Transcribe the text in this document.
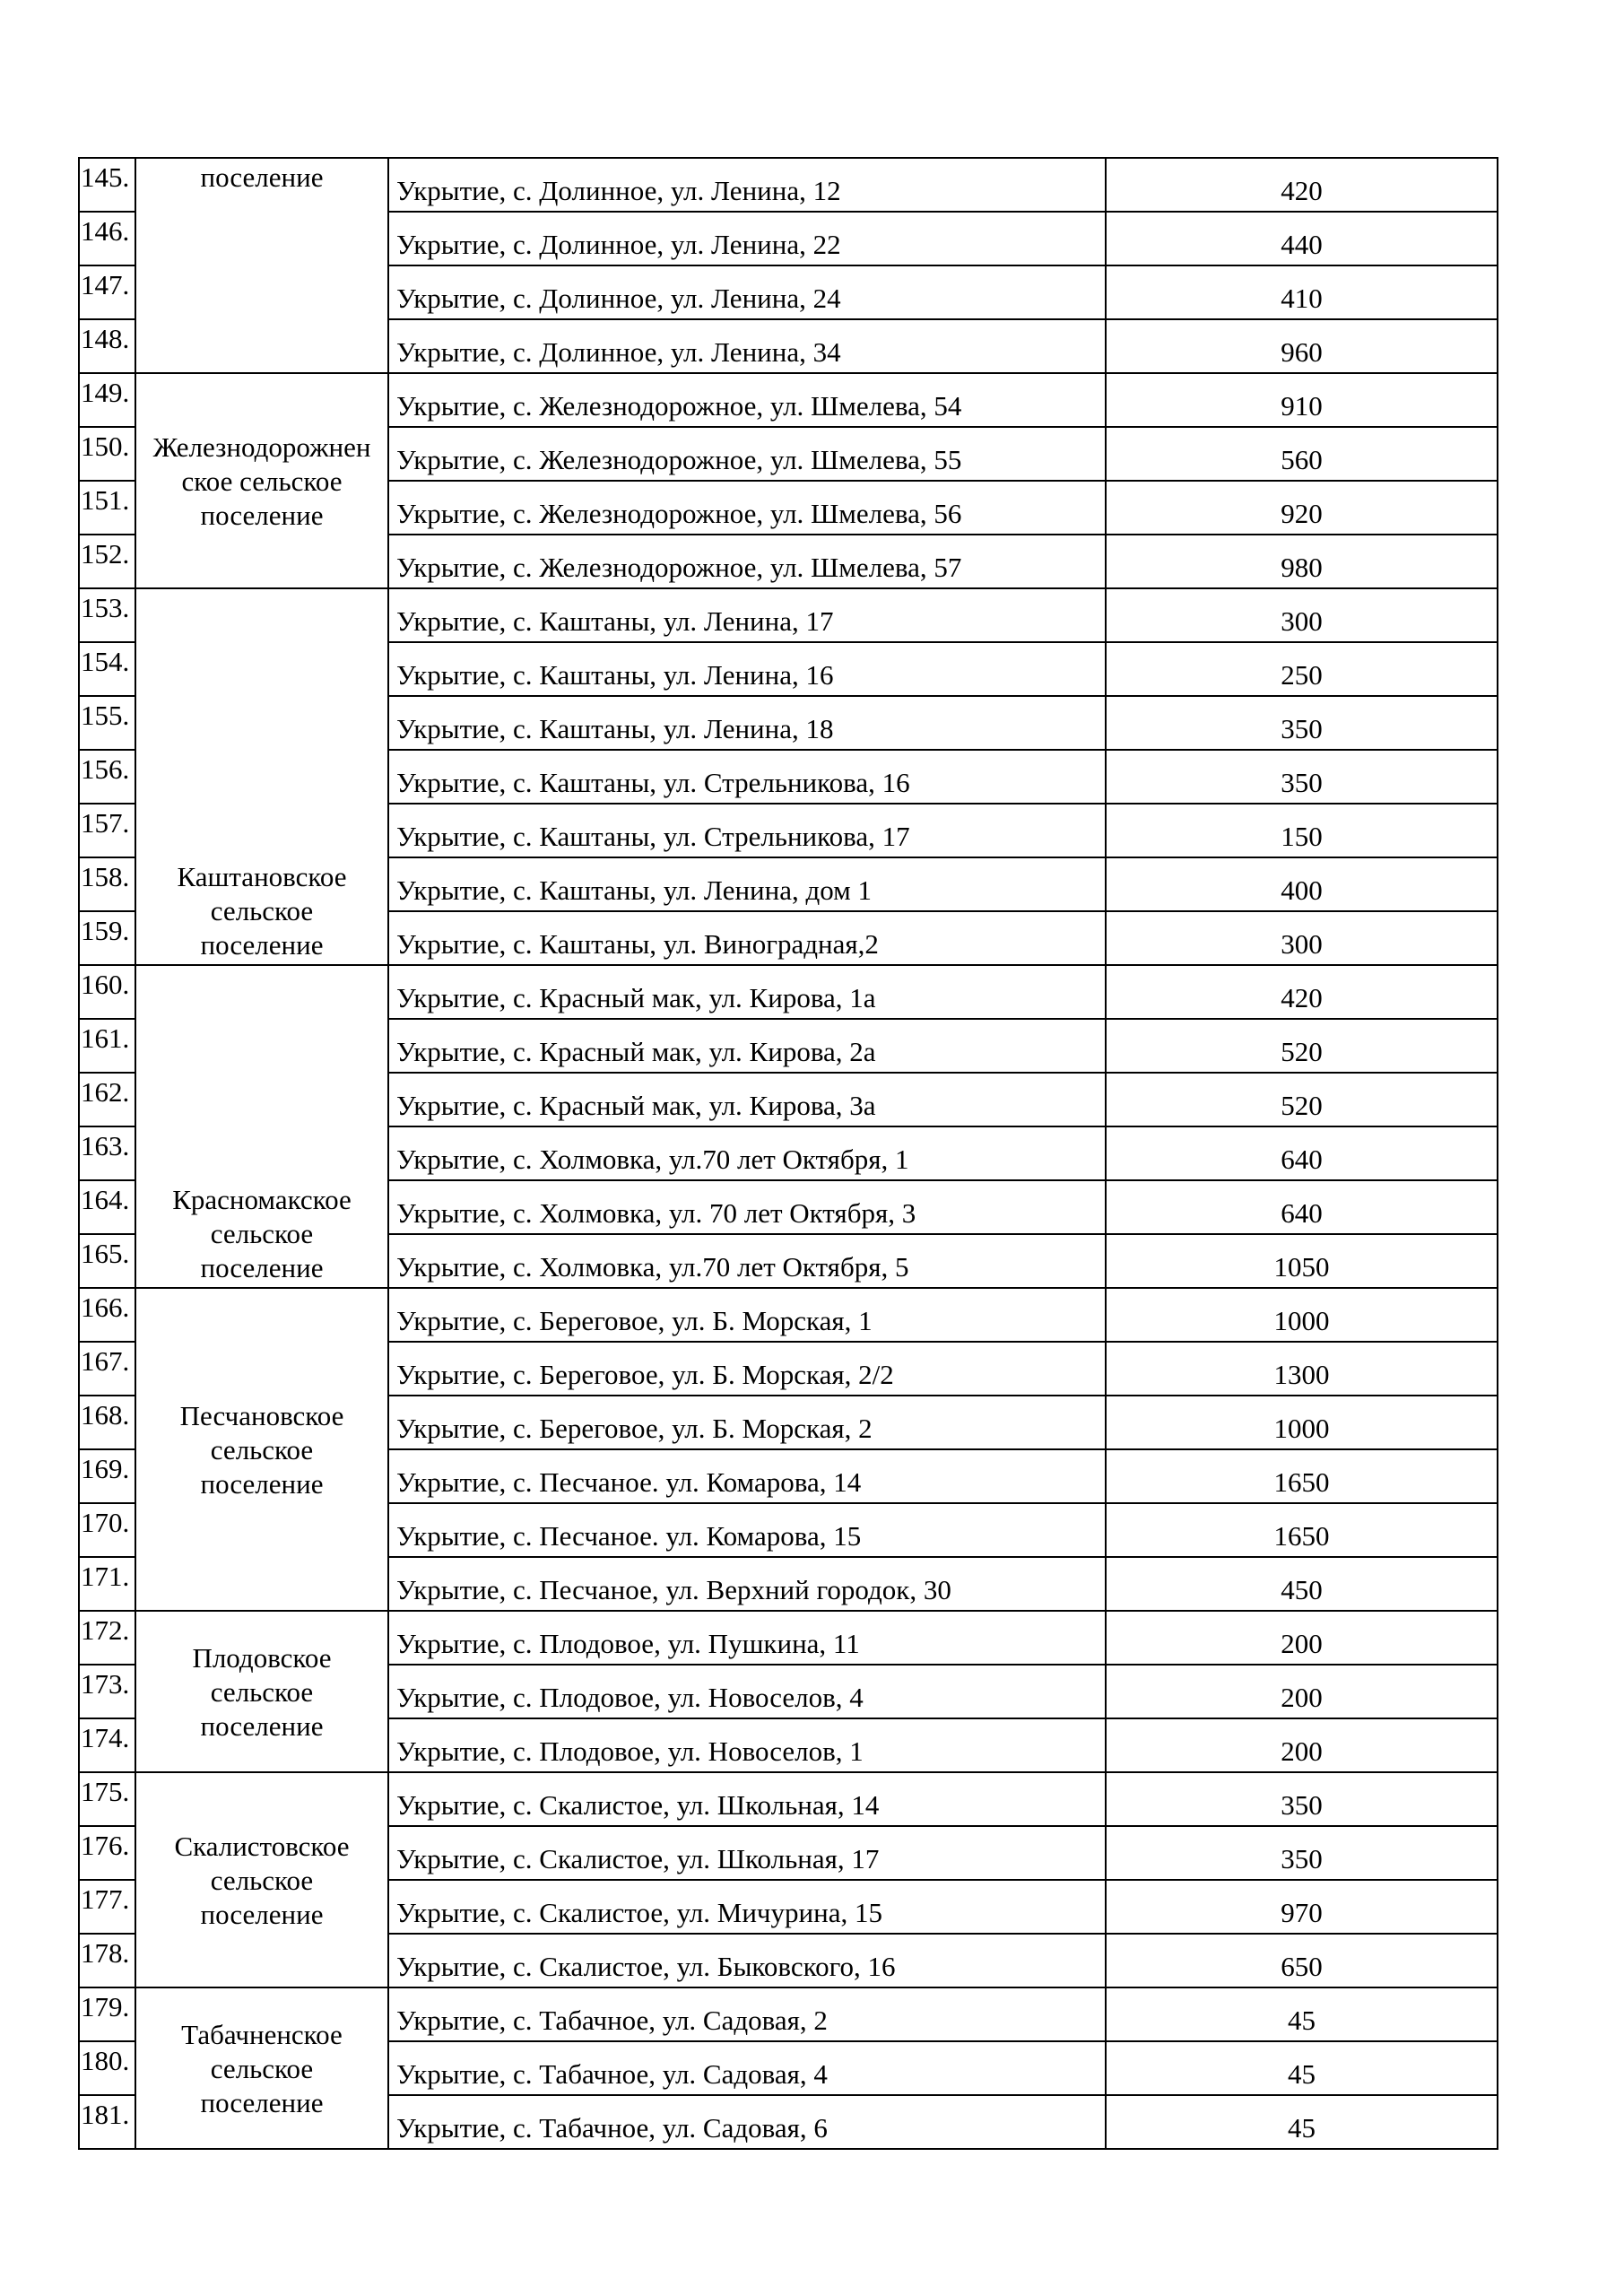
145.	поселение	Укрытие, с. Долинное, ул. Ленина, 12	420
146.		Укрытие, с. Долинное, ул. Ленина, 22	440
147.		Укрытие, с. Долинное, ул. Ленина, 24	410
148.		Укрытие, с. Долинное, ул. Ленина, 34	960
149.	Железнодорожнен
ское сельское
поселение	Укрытие, с. Железнодорожное, ул. Шмелева, 54	910
150.		Укрытие, с. Железнодорожное, ул. Шмелева, 55	560
151.		Укрытие, с. Железнодорожное, ул. Шмелева, 56	920
152.		Укрытие, с. Железнодорожное, ул. Шмелева, 57	980
153.	Каштановское
сельское
поселение	Укрытие, с. Каштаны, ул. Ленина, 17	300
154.		Укрытие, с. Каштаны, ул. Ленина, 16	250
155.		Укрытие, с. Каштаны, ул. Ленина, 18	350
156.		Укрытие, с. Каштаны, ул. Стрельникова, 16	350
157.		Укрытие, с. Каштаны, ул. Стрельникова, 17	150
158.		Укрытие, с. Каштаны, ул. Ленина, дом 1	400
159.		Укрытие, с. Каштаны, ул. Виноградная,2	300
160.	Красномакское
сельское
поселение	Укрытие, с. Красный мак, ул. Кирова, 1а	420
161.		Укрытие, с. Красный мак, ул. Кирова, 2а	520
162.		Укрытие, с. Красный мак, ул. Кирова, 3а	520
163.		Укрытие, с. Холмовка, ул.70 лет Октября, 1	640
164.		Укрытие, с. Холмовка, ул. 70 лет Октября, 3	640
165.		Укрытие, с. Холмовка, ул.70 лет Октября, 5	1050
166.	Песчановское
сельское
поселение	Укрытие, с. Береговое, ул. Б. Морская, 1	1000
167.		Укрытие, с. Береговое, ул. Б. Морская, 2/2	1300
168.		Укрытие, с. Береговое, ул. Б. Морская, 2	1000
169.		Укрытие, с. Песчаное. ул. Комарова, 14	1650
170.		Укрытие, с. Песчаное. ул. Комарова, 15	1650
171.		Укрытие, с. Песчаное, ул. Верхний городок, 30	450
172.	Плодовское
сельское
поселение	Укрытие, с. Плодовое, ул. Пушкина, 11	200
173.		Укрытие, с. Плодовое, ул. Новоселов, 4	200
174.		Укрытие, с. Плодовое, ул. Новоселов, 1	200
175.	Скалистовское
сельское
поселение	Укрытие, с. Скалистое, ул. Школьная, 14	350
176.		Укрытие, с. Скалистое, ул. Школьная, 17	350
177.		Укрытие, с. Скалистое, ул. Мичурина, 15	970
178.		Укрытие, с. Скалистое, ул. Быковского, 16	650
179.	Табачненское
сельское
поселение	Укрытие, с. Табачное, ул. Садовая, 2	45
180.		Укрытие, с. Табачное, ул. Садовая, 4	45
181.		Укрытие, с. Табачное, ул. Садовая, 6	45
